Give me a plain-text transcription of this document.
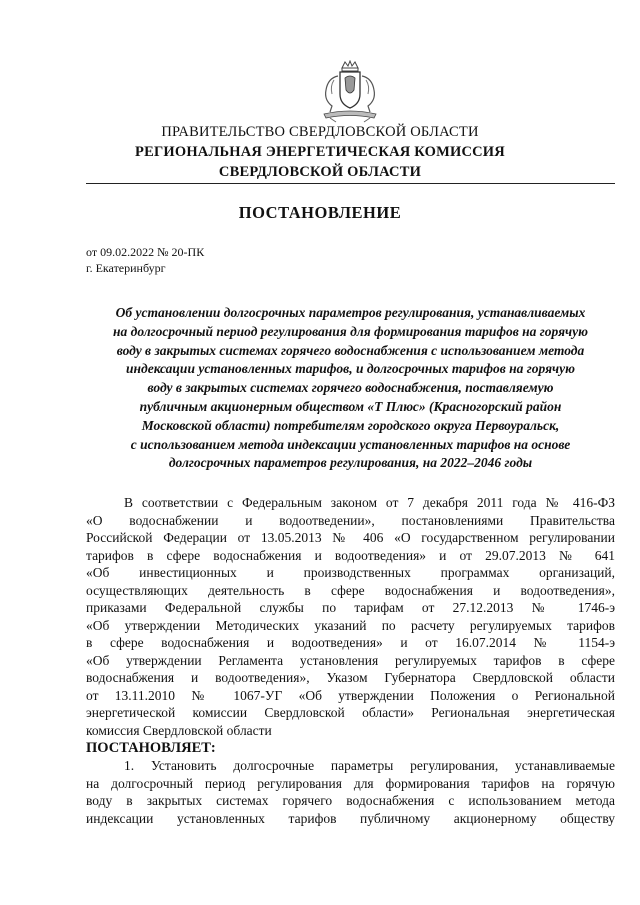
ПРАВИТЕЛЬСТВО СВЕРДЛОВСКОЙ ОБЛАСТИ
РЕГИОНАЛЬНАЯ ЭНЕРГЕТИЧЕСКАЯ КОМИССИЯ
СВЕРДЛОВСКОЙ ОБЛАСТИ
ПОСТАНОВЛЕНИЕ
от 09.02.2022 № 20-ПК
г. Екатеринбург
Об установлении долгосрочных параметров регулирования, устанавливаемых
на долгосрочный период регулирования для формирования тарифов на горячую
воду в закрытых системах горячего водоснабжения с использованием метода
индексации установленных тарифов, и долгосрочных тарифов на горячую
воду в закрытых системах горячего водоснабжения, поставляемую
публичным акционерным обществом «Т Плюс» (Красногорский район
Московской области) потребителям городского округа Первоуральск,
с использованием метода индексации установленных тарифов на основе
долгосрочных параметров регулирования, на 2022–2046 годы
В соответствии с Федеральным законом от 7 декабря 2011 года № 416-ФЗ
«О водоснабжении и водоотведении», постановлениями Правительства
Российской Федерации от 13.05.2013 № 406 «О государственном регулировании
тарифов в сфере водоснабжения и водоотведения» и от 29.07.2013 № 641
«Об инвестиционных и производственных программах организаций,
осуществляющих деятельность в сфере водоснабжения и водоотведения»,
приказами Федеральной службы по тарифам от 27.12.2013 № 1746-э
«Об утверждении Методических указаний по расчету регулируемых тарифов
в сфере водоснабжения и водоотведения» и от 16.07.2014 № 1154-э
«Об утверждении Регламента установления регулируемых тарифов в сфере
водоснабжения и водоотведения», Указом Губернатора Свердловской области
от 13.11.2010 № 1067-УГ «Об утверждении Положения о Региональной
энергетической комиссии Свердловской области» Региональная энергетическая
комиссия Свердловской области
ПОСТАНОВЛЯЕТ:
1. Установить долгосрочные параметры регулирования, устанавливаемые
на долгосрочный период регулирования для формирования тарифов на горячую
воду в закрытых системах горячего водоснабжения с использованием метода
индексации установленных тарифов публичному акционерному обществу
